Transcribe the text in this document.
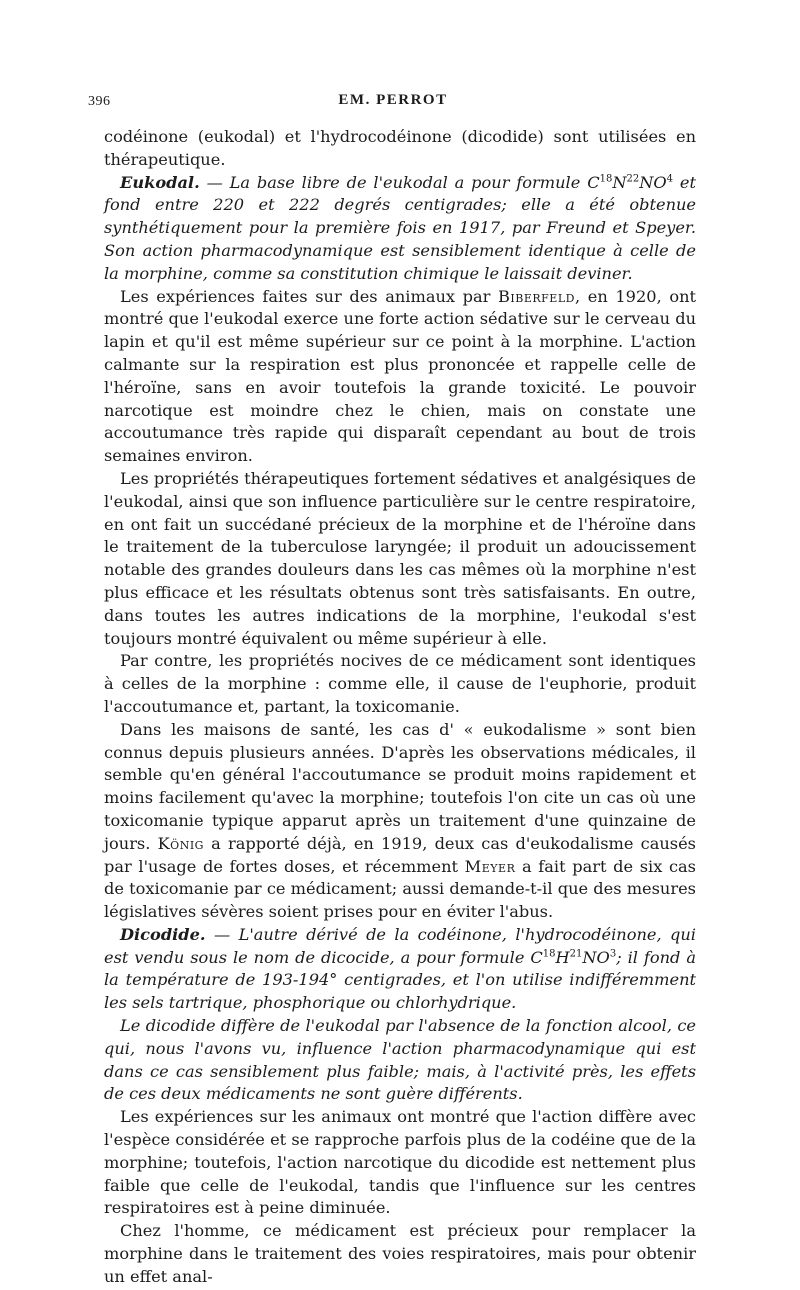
396	EM. PERROT

codéinone (eukodal) et l'hydrocodéinone (dicodide) sont utilisées en thérapeutique.

Eukodal. — La base libre de l'eukodal a pour formule $C^{18}N^{22}NO^4$ et fond entre 220 et 222 degrés centigrades; elle a été obtenue synthétiquement pour la première fois en 1917, par Freund et Speyer. Son action pharmacodynamique est sensiblement identique à celle de la morphine, comme sa constitution chimique le laissait deviner.

Les expériences faites sur des animaux par Biberfeld, en 1920, ont montré que l'eukodal exerce une forte action sédative sur le cerveau du lapin et qu'il est même supérieur sur ce point à la morphine. L'action calmante sur la respiration est plus prononcée et rappelle celle de l'héroïne, sans en avoir toutefois la grande toxicité. Le pouvoir narcotique est moindre chez le chien, mais on constate une accoutumance très rapide qui disparaît cependant au bout de trois semaines environ.

Les propriétés thérapeutiques fortement sédatives et analgésiques de l'eukodal, ainsi que son influence particulière sur le centre respiratoire, en ont fait un succédané précieux de la morphine et de l'héroïne dans le traitement de la tuberculose laryngée; il produit un adoucissement notable des grandes douleurs dans les cas mêmes où la morphine n'est plus efficace et les résultats obtenus sont très satisfaisants. En outre, dans toutes les autres indications de la morphine, l'eukodal s'est toujours montré équivalent ou même supérieur à elle.

Par contre, les propriétés nocives de ce médicament sont identiques à celles de la morphine : comme elle, il cause de l'euphorie, produit l'accoutumance et, partant, la toxicomanie.

Dans les maisons de santé, les cas d' « eukodalisme » sont bien connus depuis plusieurs années. D'après les observations médicales, il semble qu'en général l'accoutumance se produit moins rapidement et moins facilement qu'avec la morphine; toutefois l'on cite un cas où une toxicomanie typique apparut après un traitement d'une quinzaine de jours. König a rapporté déjà, en 1919, deux cas d'eukodalisme causés par l'usage de fortes doses, et récemment Meyer a fait part de six cas de toxicomanie par ce médicament; aussi demande-t-il que des mesures législatives sévères soient prises pour en éviter l'abus.

Dicodide. — L'autre dérivé de la codéinone, l'hydrocodéinone, qui est vendu sous le nom de dicocide, a pour formule $C^{18}H^{21}NO^3$; il fond à la température de 193-194° centigrades, et l'on utilise indifféremment les sels tartrique, phosphorique ou chlorhydrique.

Le dicodide diffère de l'eukodal par l'absence de la fonction alcool, ce qui, nous l'avons vu, influence l'action pharmacodynamique qui est dans ce cas sensiblement plus faible; mais, à l'activité près, les effets de ces deux médicaments ne sont guère différents.

Les expériences sur les animaux ont montré que l'action diffère avec l'espèce considérée et se rapproche parfois plus de la codéine que de la morphine; toutefois, l'action narcotique du dicodide est nettement plus faible que celle de l'eukodal, tandis que l'influence sur les centres respiratoires est à peine diminuée.

Chez l'homme, ce médicament est précieux pour remplacer la morphine dans le traitement des voies respiratoires, mais pour obtenir un effet anal-
